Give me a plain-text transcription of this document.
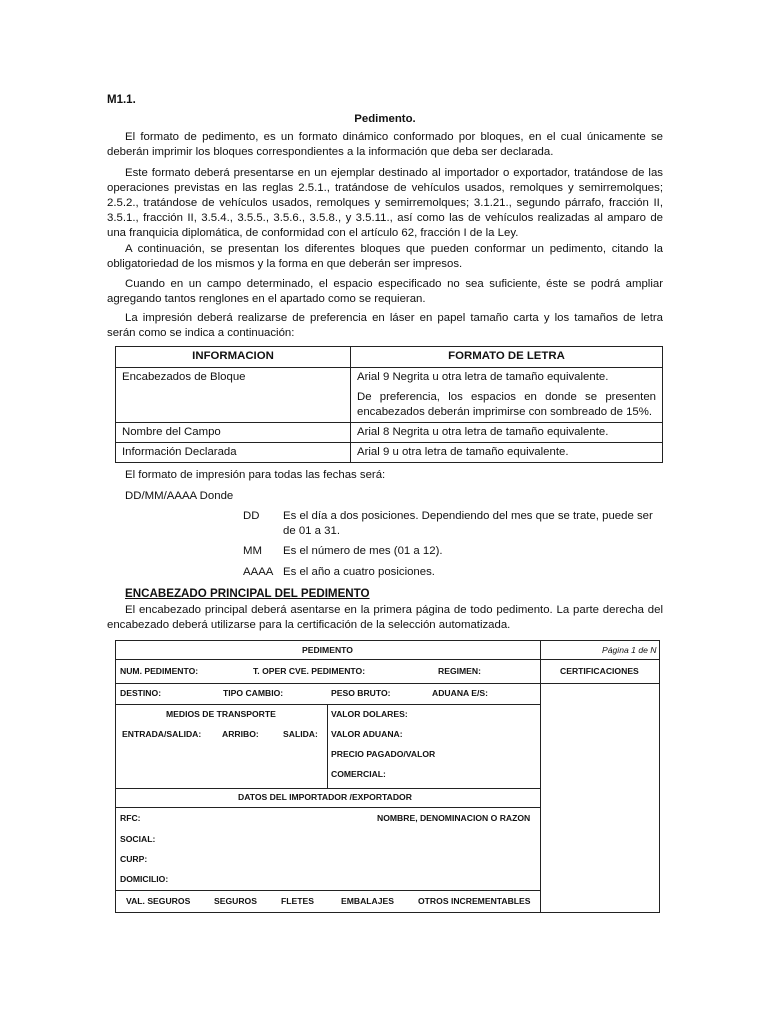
M1.1.
Pedimento.

El formato de pedimento, es un formato dinámico conformado por bloques, en el cual únicamente se deberán imprimir los bloques correspondientes a la información que deba ser declarada.

Este formato deberá presentarse en un ejemplar destinado al importador o exportador, tratándose de las operaciones previstas en las reglas 2.5.1., tratándose de vehículos usados, remolques y semirremolques; 2.5.2., tratándose de vehículos usados, remolques y semirremolques; 3.1.21., segundo párrafo, fracción II, 3.5.1., fracción II, 3.5.4., 3.5.5., 3.5.6., 3.5.8., y 3.5.11., así como las de vehículos realizadas al amparo de una franquicia diplomática, de conformidad con el artículo 62, fracción I de la Ley.

A continuación, se presentan los diferentes bloques que pueden conformar un pedimento, citando la obligatoriedad de los mismos y la forma en que deberán ser impresos.

Cuando en un campo determinado, el espacio especificado no sea suficiente, éste se podrá ampliar agregando tantos renglones en el apartado como se requieran.

La impresión deberá realizarse de preferencia en láser en papel tamaño carta y los tamaños de letra serán como se indica a continuación:

INFORMACION	FORMATO DE LETRA
Encabezados de Bloque	Arial 9 Negrita u otra letra de tamaño equivalente.

De preferencia, los espacios en donde se presenten encabezados deberán imprimirse con sombreado de 15%.

Nombre del Campo	Arial 8 Negrita u otra letra de tamaño equivalente.
Información Declarada	Arial 9 u otra letra de tamaño equivalente.
El formato de impresión para todas las fechas será:
DD/MM/AAAA Donde
DD Es el día a dos posiciones. Dependiendo del mes que se trate, puede ser de 01 a 31.
MM Es el número de mes (01 a 12).
AAAA Es el año a cuatro posiciones.
ENCABEZADO PRINCIPAL DEL PEDIMENTO

El encabezado principal deberá asentarse en la primera página de todo pedimento. La parte derecha del encabezado deberá utilizarse para la certificación de la selección automatizada.

PEDIMENTO	Página 1 de N
NUM. PEDIMENTO:	T. OPER CVE. PEDIMENTO:	REGIMEN:	CERTIFICACIONES
DESTINO:	TIPO CAMBIO:	PESO BRUTO:	ADUANA E/S:
MEDIOS DE TRANSPORTE
ENTRADA/SALIDA: ARRIBO:	SALIDA:
VALOR DOLARES:
VALOR ADUANA:
PRECIO PAGADO/VALOR
COMERCIAL:
DATOS DEL IMPORTADOR /EXPORTADOR
RFC:	NOMBRE, DENOMINACION O RAZON
SOCIAL:
CURP:
DOMICILIO:
VAL. SEGUROS	SEGUROS	FLETES	EMBALAJES	OTROS INCREMENTABLES
